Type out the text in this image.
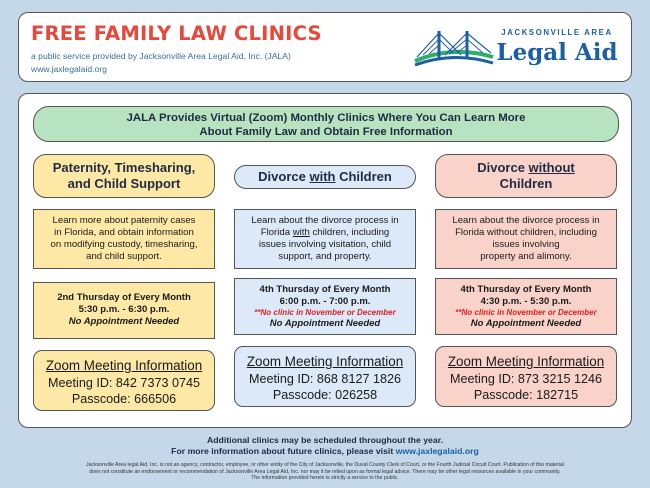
FREE FAMILY LAW CLINICS
a public service provided by Jacksonville Area Legal Aid, Inc. (JALA)
www.jaxlegalaid.org
JACKSONVILLE AREA
Legal Aid
JALA Provides Virtual (Zoom) Monthly Clinics Where You Can Learn More
About Family Law and Obtain Free Information
Paternity, Timesharing,
and Child Support
Learn more about paternity cases
in Florida, and obtain information
on modifying custody, timesharing,
and child support.
2nd Thursday of Every Month
5:30 p.m. - 6:30 p.m.
No Appointment Needed
Zoom Meeting Information
Meeting ID: 842 7373 0745
Passcode: 666506
Divorce with Children
Learn about the divorce process in
Florida with children, including
issues involving visitation, child
support, and property.
4th Thursday of Every Month
6:00 p.m. - 7:00 p.m.
**No clinic in November or December
No Appointment Needed
Zoom Meeting Information
Meeting ID: 868 8127 1826
Passcode: 026258
Divorce without
Children
Learn about the divorce process in
Florida without children, including
issues involving
property and alimony.
4th Thursday of Every Month
4:30 p.m. - 5:30 p.m.
**No clinic in November or December
No Appointment Needed
Zoom Meeting Information
Meeting ID: 873 3215 1246
Passcode: 182715
Additional clinics may be scheduled throughout the year.
For more information about future clinics, please visit www.jaxlegalaid.org
Jacksonville Area legal Aid, Inc. is not an agency, contractor, employee, or other entity of the City of Jacksonville, the Duval County Clerk of Court, or the Fourth Judicial Circuit Court. Publication of this material
does not constitute an endorsement or recommendation of Jacksonville Area Legal Aid, Inc. nor may it be relied upon as formal legal advice. There may be other legal resources available in your community.
The information provided herein is strictly a service to the public.
